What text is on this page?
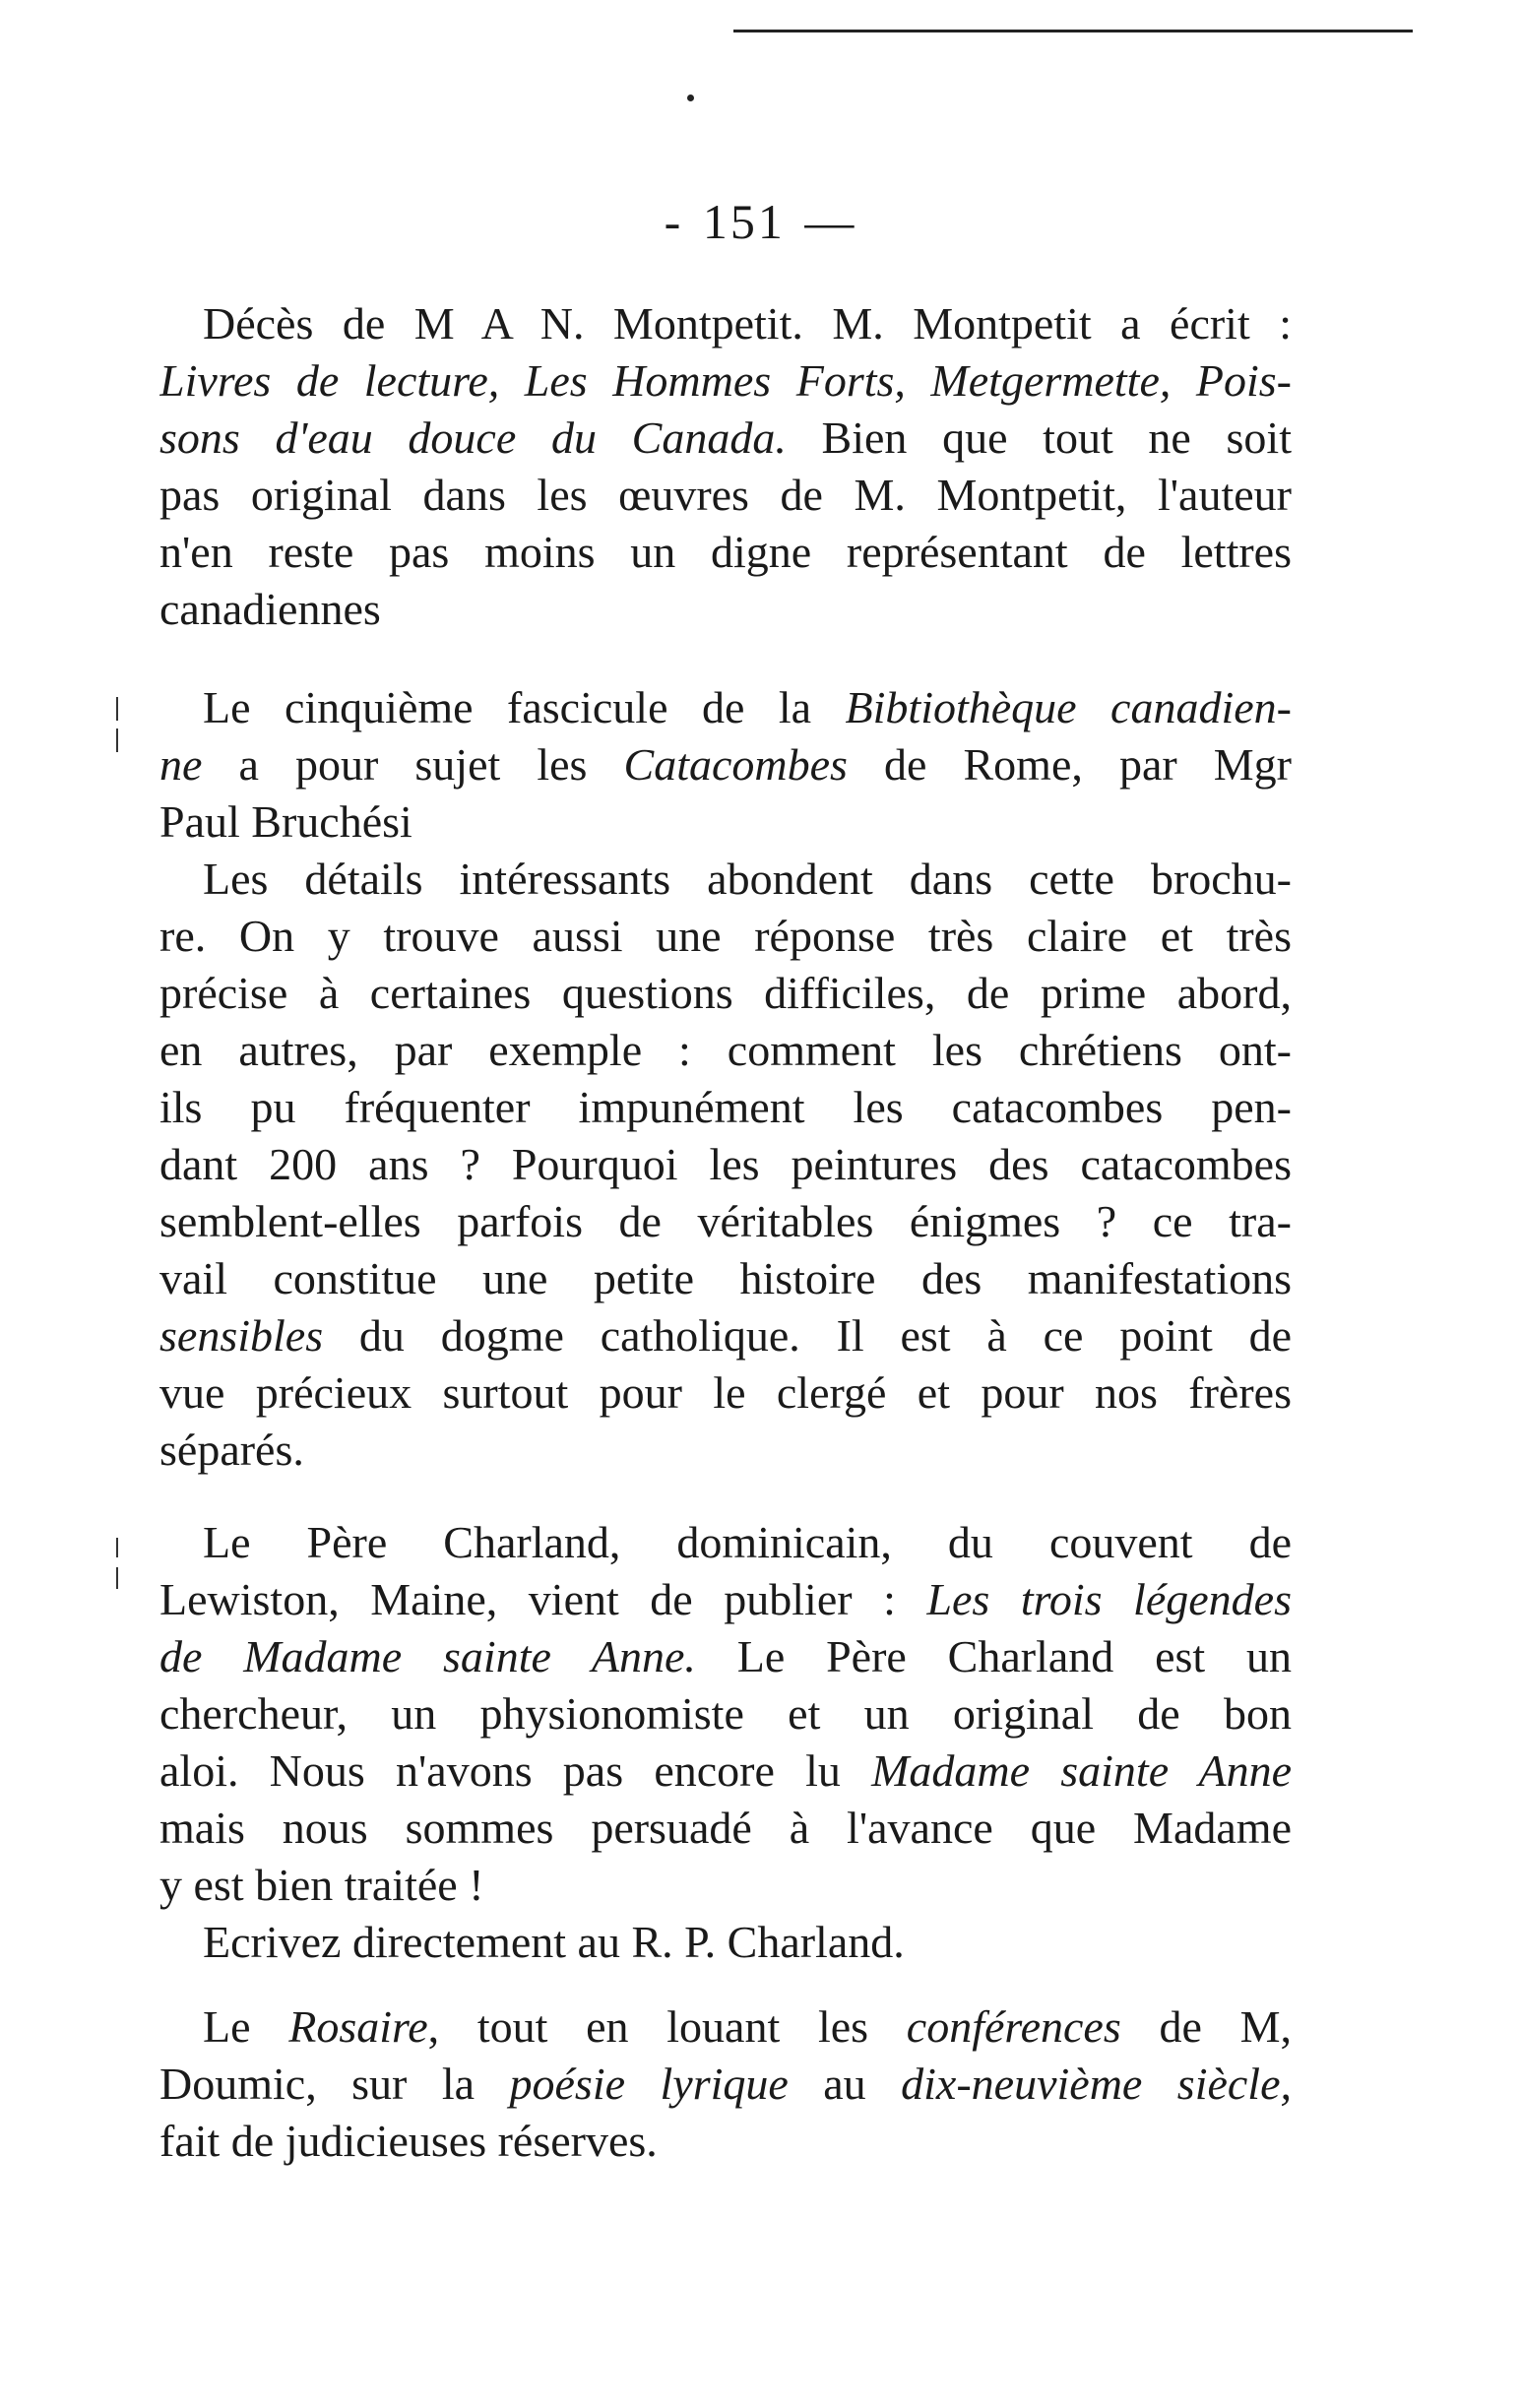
- 151 —
Décès de M A N. Montpetit. M. Montpetit a écrit :
Livres de lecture, Les Hommes Forts, Metgermette, Pois-
sons d'eau douce du Canada. Bien que tout ne soit
pas original dans les œuvres de M. Montpetit, l'auteur
n'en reste pas moins un digne représentant de lettres
canadiennes
Le cinquième fascicule de la Bibtiothèque canadien-
ne a pour sujet les Catacombes de Rome, par Mgr
Paul Bruchési
Les détails intéressants abondent dans cette brochu-
re. On y trouve aussi une réponse très claire et très
précise à certaines questions difficiles, de prime abord,
en autres, par exemple : comment les chrétiens ont-
ils pu fréquenter impunément les catacombes pen-
dant 200 ans ? Pourquoi les peintures des catacombes
semblent-elles parfois de véritables énigmes ? ce tra-
vail constitue une petite histoire des manifestations
sensibles du dogme catholique. Il est à ce point de
vue précieux surtout pour le clergé et pour nos frères
séparés.
Le Père Charland, dominicain, du couvent de
Lewiston, Maine, vient de publier : Les trois légendes
de Madame sainte Anne. Le Père Charland est un
chercheur, un physionomiste et un original de bon
aloi. Nous n'avons pas encore lu Madame sainte Anne
mais nous sommes persuadé à l'avance que Madame
y est bien traitée !
Ecrivez directement au R. P. Charland.
Le Rosaire, tout en louant les conférences de M,
Doumic, sur la poésie lyrique au dix-neuvième siècle,
fait de judicieuses réserves.
